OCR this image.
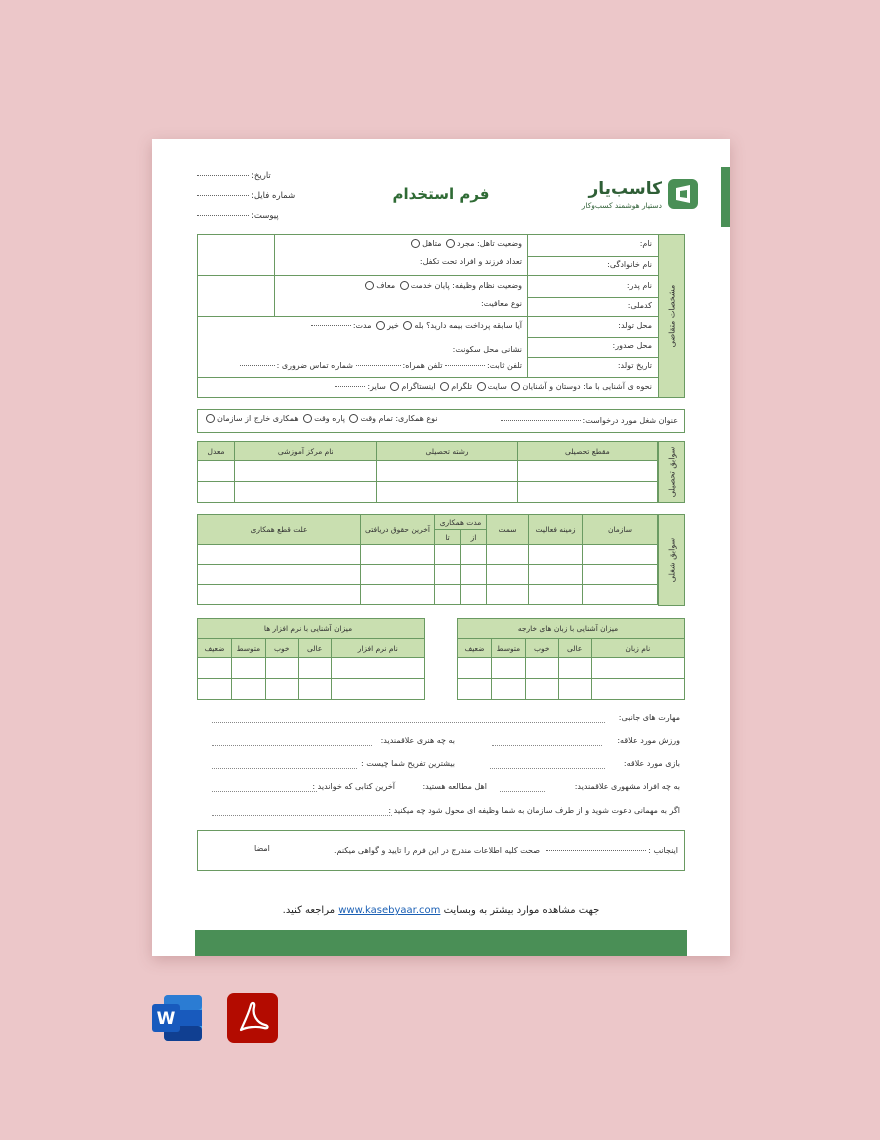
کاسب‌یار
دستیار هوشمند کسب‌وکار
فرم استخدام
تاریخ:
شماره فایل:
پیوست:
مشخصات متقاضی
نام:
نام خانوادگی:
نام پدر:
کدملی:
محل تولد:
محل صدور:
تاریخ تولد:
وضعیت تاهل: مجرد متاهل
تعداد فرزند و افراد تحت تکفل:
وضعیت نظام وظیفه: پایان خدمت معاف
نوع معافیت:
آیا سابقه پرداخت بیمه دارید؟ بله خیر مدت:
نشانی محل سکونت:
تلفن ثابت: تلفن همراه: شماره تماس ضروری :
نحوه ی آشنایی با ما: دوستان و آشنایان سایت تلگرام اینستاگرام سایر:
عنوان شغل مورد درخواست:
نوع همکاری: تمام وقت پاره وقت همکاری خارج از سازمان
سوابق تحصیلی
مقطع تحصیلی	رشته تحصیلی	نام مرکز آموزشی	معدل

سوابق شغلی
سازمان	زمینه فعالیت	سمت	مدت همکاری		آخرین حقوق دریافتی	علت قطع همکاری
			از	تا		

میزان آشنایی با زبان های خارجه				
نام زبان	عالی	خوب	متوسط	ضعیف

میزان آشنایی با نرم افزار ها				
نام نرم افزار	عالی	خوب	متوسط	ضعیف

مهارت های جانبی:
ورزش مورد علاقه:
به چه هنری علاقمندید:
بازی مورد علاقه:
بیشترین تفریح شما چیست :
به چه افراد مشهوری علاقمندید:
اهل مطالعه هستید:
آخرین کتابی که خوانديد :
اگر به مهمانی دعوت شوید و از طرف سازمان به شما وظیفه ای محول شود چه میکنید :
اینجانب :
صحت کلیه اطلاعات مندرج در این فرم را تایید و گواهی میکنم.
امضا
جهت مشاهده موارد بیشتر به وبسایت www.kasebyaar.com مراجعه کنید.
W
